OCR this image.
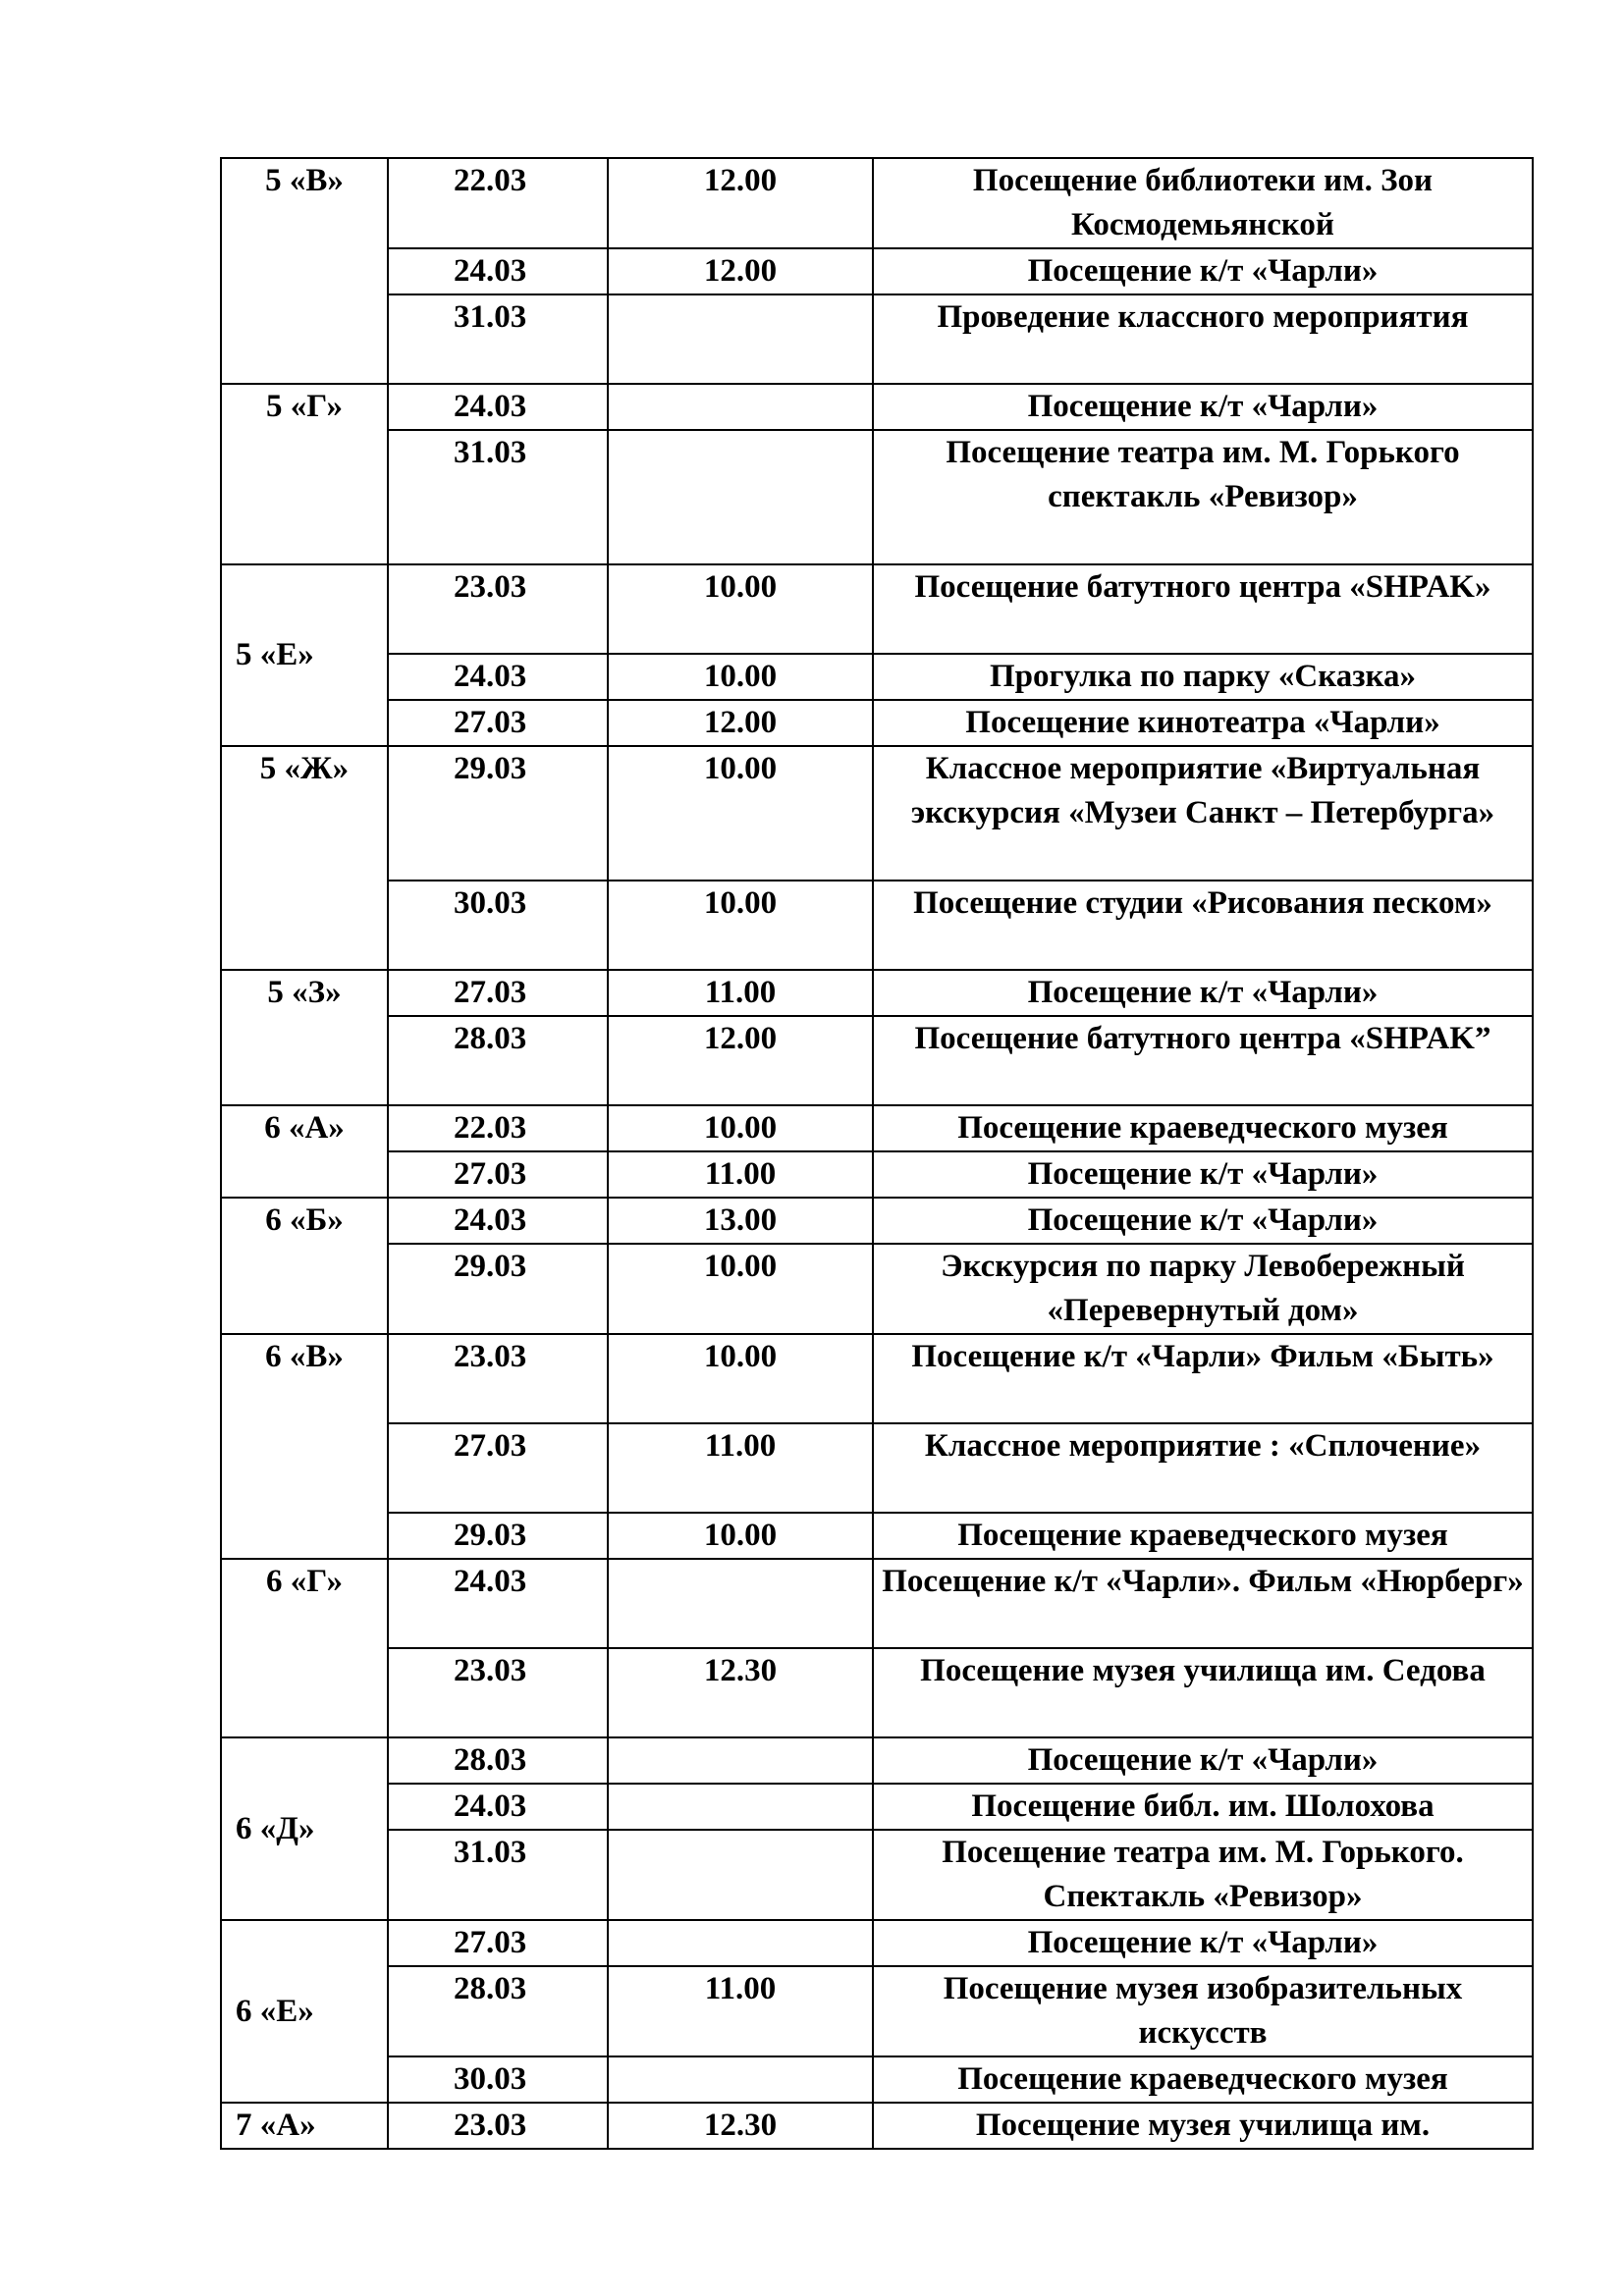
5 «В»	22.03	12.00	Посещение библиотеки им. Зои Космодемьянской
	24.03	12.00	Посещение к/т «Чарли»
	31.03		Проведение классного мероприятия
5 «Г»	24.03		Посещение к/т «Чарли»
	31.03		Посещение театра им. М. Горького спектакль «Ревизор»
5 «Е»	23.03	10.00	Посещение батутного центра «SHPAK»
	24.03	10.00	Прогулка по парку «Сказка»
	27.03	12.00	Посещение кинотеатра «Чарли»
5 «Ж»	29.03	10.00	Классное мероприятие «Виртуальная экскурсия «Музеи Санкт – Петербурга»
	30.03	10.00	Посещение студии «Рисования песком»
5 «З»	27.03	11.00	Посещение к/т «Чарли»
	28.03	12.00	Посещение батутного центра «SHPAK”
6 «А»	22.03	10.00	Посещение краеведческого музея
	27.03	11.00	Посещение к/т «Чарли»
6 «Б»	24.03	13.00	Посещение к/т «Чарли»
	29.03	10.00	Экскурсия по парку Левобережный «Перевернутый дом»
6 «В»	23.03	10.00	Посещение к/т «Чарли» Фильм «Быть»
	27.03	11.00	Классное мероприятие : «Сплочение»
	29.03	10.00	Посещение краеведческого музея
6 «Г»	24.03		Посещение к/т «Чарли». Фильм «Нюрберг»
	23.03	12.30	Посещение музея училища им. Седова
6 «Д»	28.03		Посещение к/т «Чарли»
	24.03		Посещение библ. им. Шолохова
	31.03		Посещение театра им. М. Горького. Спектакль «Ревизор»
6 «Е»	27.03		Посещение к/т «Чарли»
	28.03	11.00	Посещение музея изобразительных искусств
	30.03		Посещение краеведческого музея
7 «А»	23.03	12.30	Посещение музея училища им.
